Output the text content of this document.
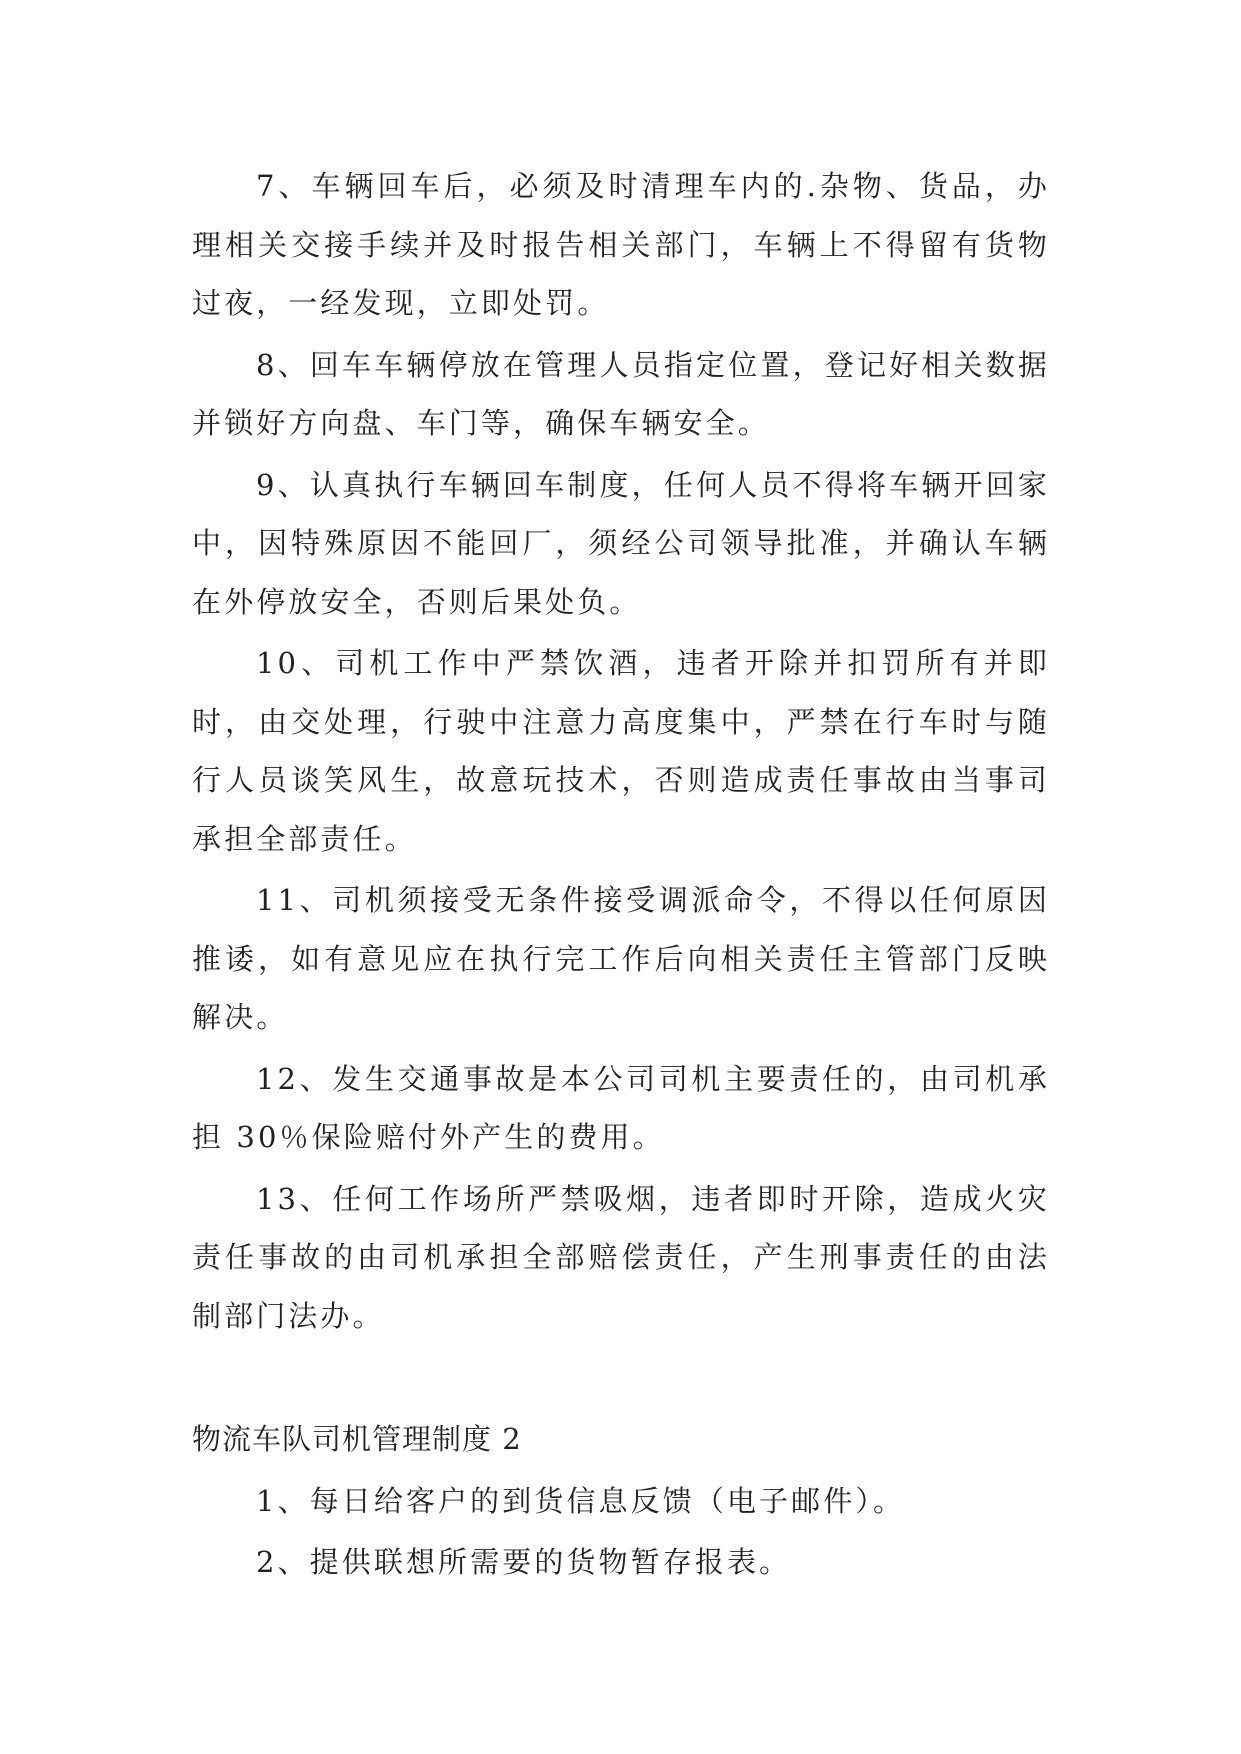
7、车辆回车后，必须及时清理车内的.杂物、货品，办理相关交接手续并及时报告相关部门，车辆上不得留有货物过夜，一经发现，立即处罚。

8、回车车辆停放在管理人员指定位置，登记好相关数据并锁好方向盘、车门等，确保车辆安全。

9、认真执行车辆回车制度，任何人员不得将车辆开回家中，因特殊原因不能回厂，须经公司领导批准，并确认车辆在外停放安全，否则后果处负。

10、司机工作中严禁饮酒，违者开除并扣罚所有并即时，由交处理，行驶中注意力高度集中，严禁在行车时与随行人员谈笑风生，故意玩技术，否则造成责任事故由当事司承担全部责任。

11、司机须接受无条件接受调派命令，不得以任何原因推诿，如有意见应在执行完工作后向相关责任主管部门反映解决。

12、发生交通事故是本公司司机主要责任的，由司机承担 30％保险赔付外产生的费用。

13、任何工作场所严禁吸烟，违者即时开除，造成火灾责任事故的由司机承担全部赔偿责任，产生刑事责任的由法制部门法办。

物流车队司机管理制度 2

1、每日给客户的到货信息反馈（电子邮件）。

2、提供联想所需要的货物暂存报表。
